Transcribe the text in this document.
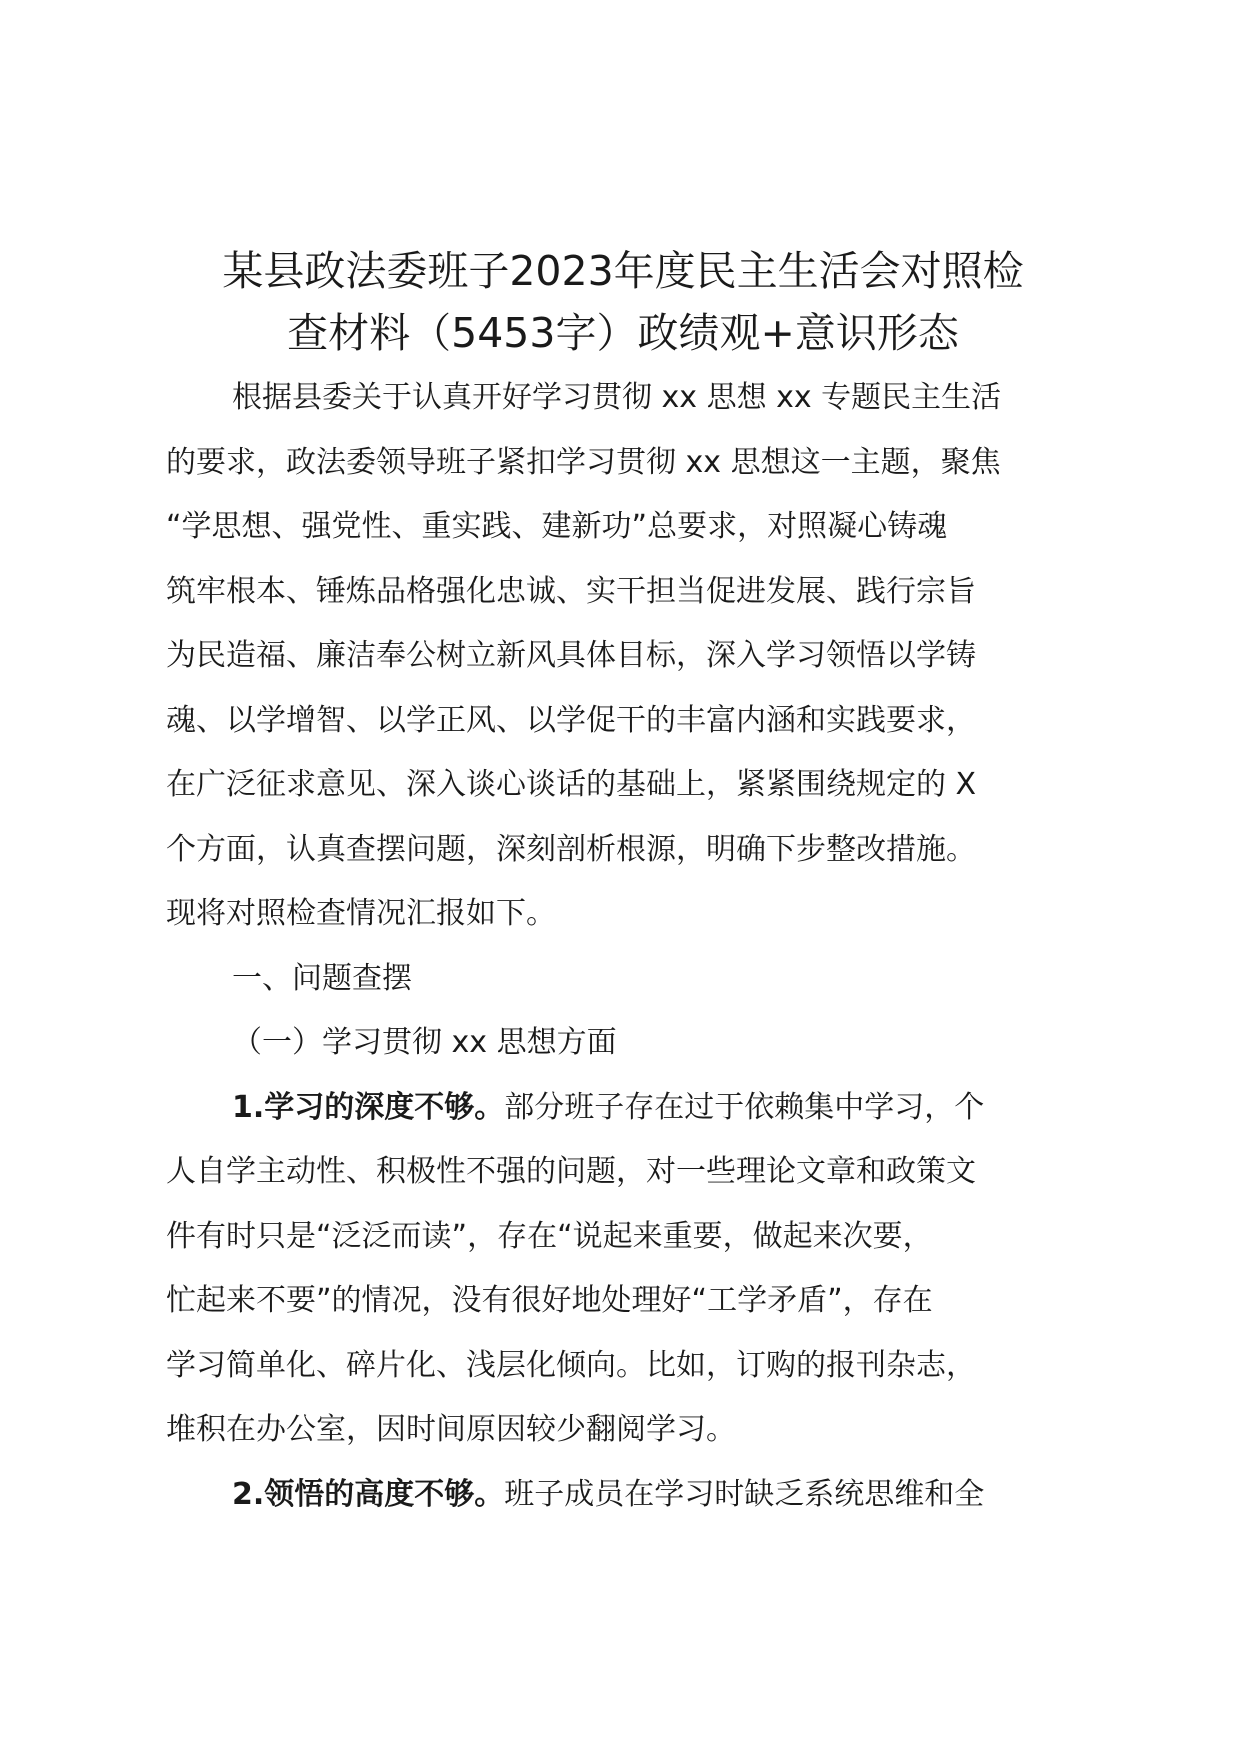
某县政法委班子2023年度民主生活会对照检
查材料（5453字）政绩观+意识形态
根据县委关于认真开好学习贯彻 xx 思想 xx 专题民主生活
的要求，政法委领导班子紧扣学习贯彻 xx 思想这一主题，聚焦
“学思想、强党性、重实践、建新功”总要求，对照凝心铸魂
筑牢根本、锤炼品格强化忠诚、实干担当促进发展、践行宗旨
为民造福、廉洁奉公树立新风具体目标，深入学习领悟以学铸
魂、以学增智、以学正风、以学促干的丰富内涵和实践要求，
在广泛征求意见、深入谈心谈话的基础上，紧紧围绕规定的 X
个方面，认真查摆问题，深刻剖析根源，明确下步整改措施。
现将对照检查情况汇报如下。

一、问题查摆

（一）学习贯彻 xx 思想方面

1.学习的深度不够。部分班子存在过于依赖集中学习，个
人自学主动性、积极性不强的问题，对一些理论文章和政策文
件有时只是“泛泛而读”，存在“说起来重要，做起来次要，
忙起来不要”的情况，没有很好地处理好“工学矛盾”，存在
学习简单化、碎片化、浅层化倾向。比如，订购的报刊杂志，
堆积在办公室，因时间原因较少翻阅学习。
2.领悟的高度不够。班子成员在学习时缺乏系统思维和全
